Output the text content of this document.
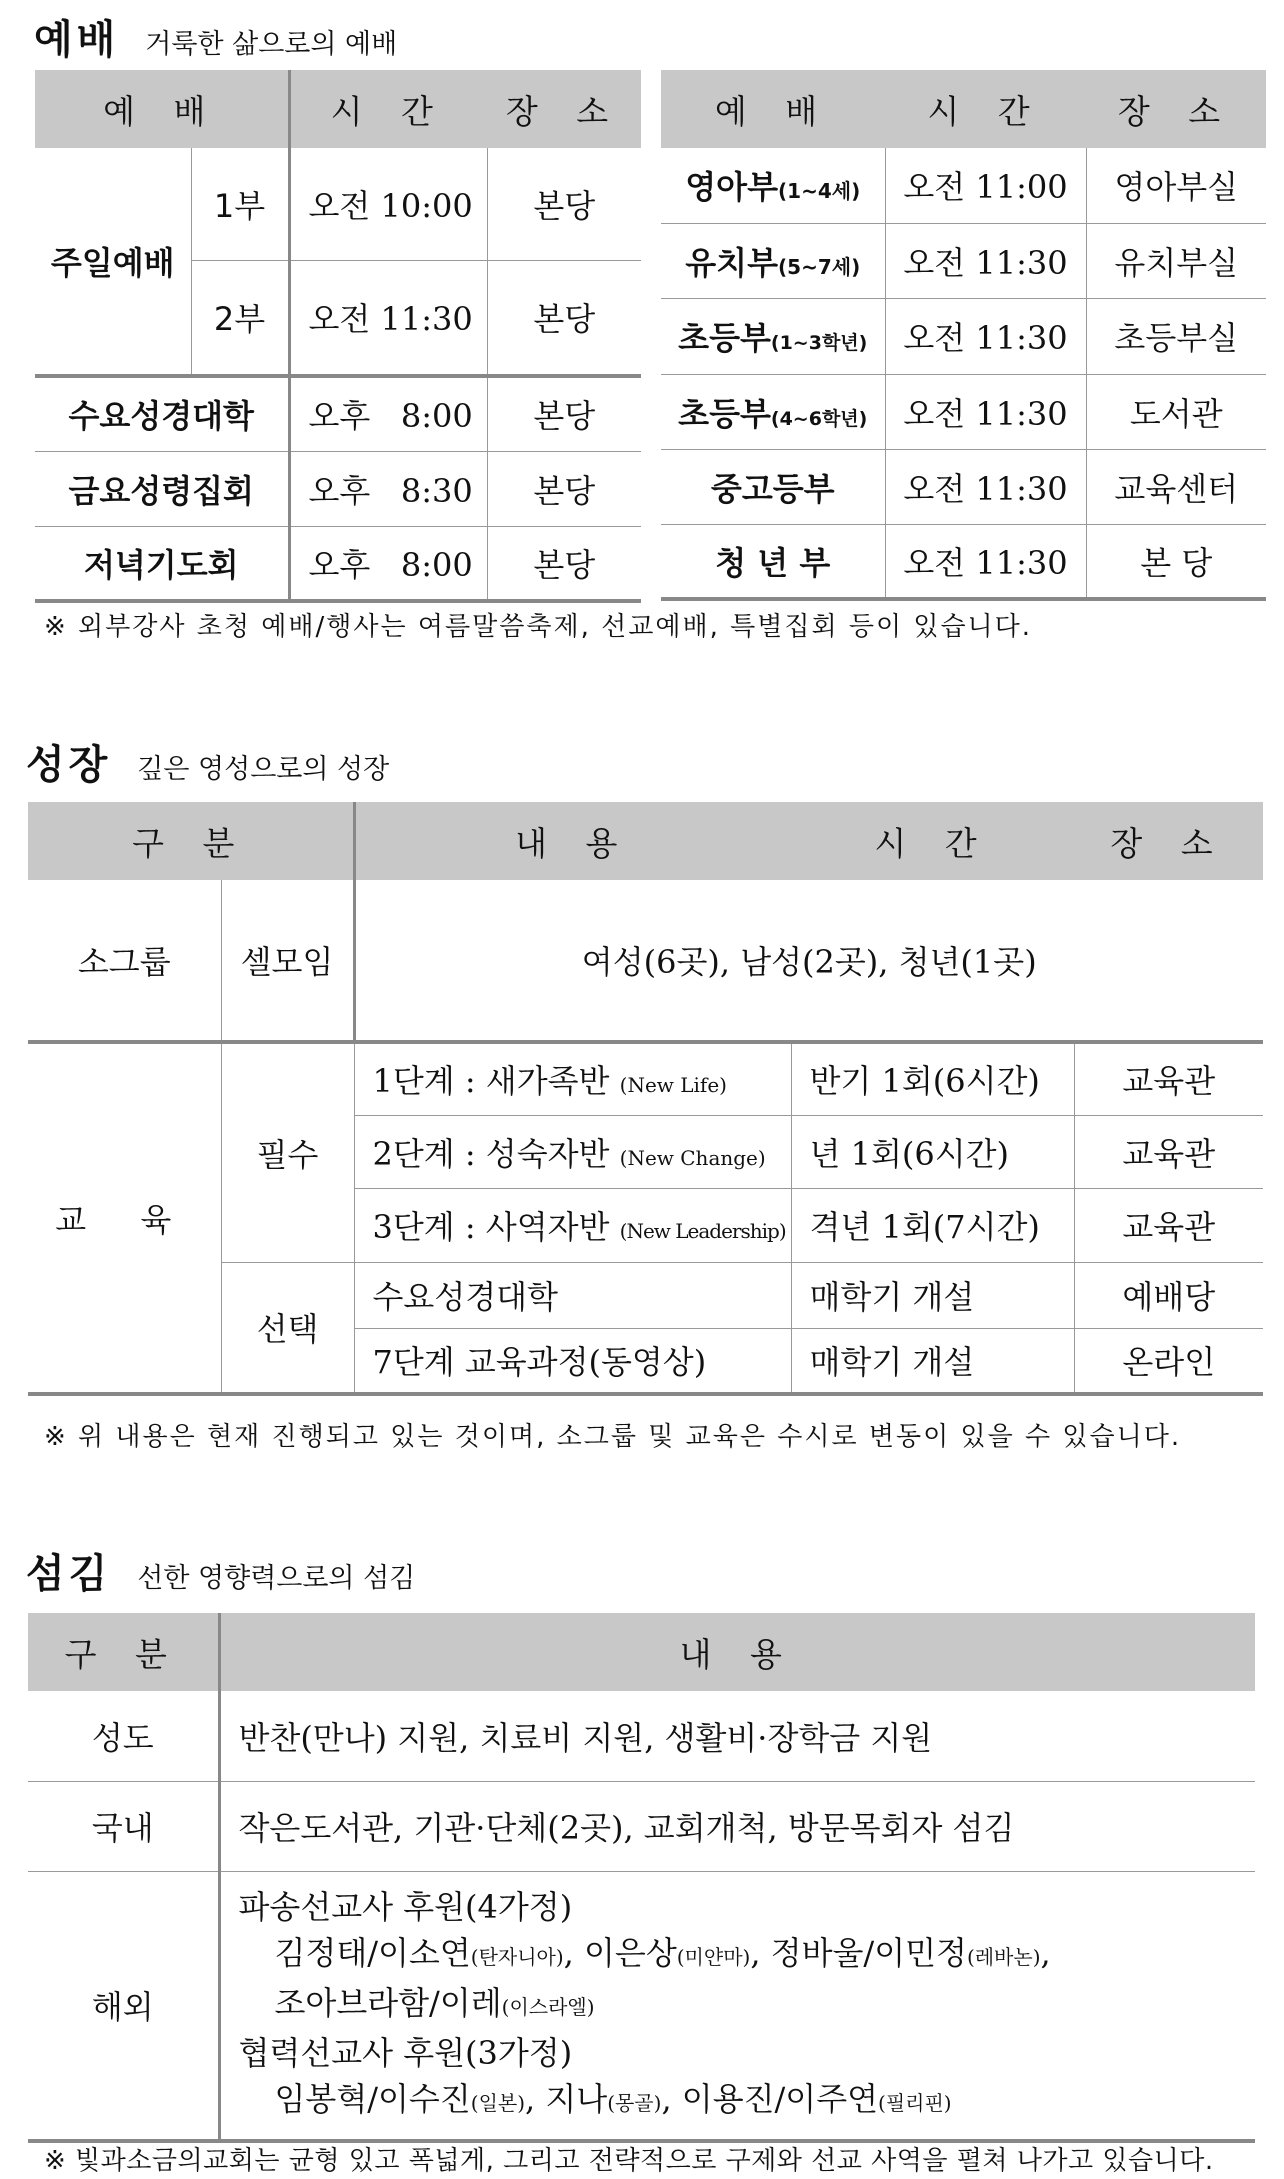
예배 거룩한 삶으로의 예배
예 배		시 간	장 소
주일예배	1부	오전 10:00	본당
	2부	오전 11:30	본당
수요성경대학		오후   8:00	본당
금요성령집회		오후   8:30	본당
저녁기도회		오후   8:00	본당
예 배	시 간	장 소
영아부(1~4세)	오전 11:00	영아부실
유치부(5~7세)	오전 11:30	유치부실
초등부(1~3학년)	오전 11:30	초등부실
초등부(4~6학년)	오전 11:30	도서관
중고등부	오전 11:30	교육센터
청 년 부	오전 11:30	본 당
※ 외부강사 초청 예배/행사는 여름말씀축제, 선교예배, 특별집회 등이 있습니다.
성장 깊은 영성으로의 성장
구 분		내 용	시 간	장 소
소그룹	셀모임	여성(6곳), 남성(2곳), 청년(1곳)		
교 육	필수	1단계 : 새가족반 (New Life)	반기 1회(6시간)	교육관
		2단계 : 성숙자반 (New Change)	년 1회(6시간)	교육관
		3단계 : 사역자반 (New Leadership)	격년 1회(7시간)	교육관
	선택	수요성경대학	매학기 개설	예배당
		7단계 교육과정(동영상)	매학기 개설	온라인
※ 위 내용은 현재 진행되고 있는 것이며, 소그룹 및 교육은 수시로 변동이 있을 수 있습니다.
섬김 선한 영향력으로의 섬김
구 분	내 용
성도	반찬(만나) 지원, 치료비 지원, 생활비·장학금 지원
국내	작은도서관, 기관·단체(2곳), 교회개척, 방문목회자 섬김
해외	파송선교사 후원(4가정)
김정태/이소연(탄자니아), 이은상(미얀마), 정바울/이민정(레바논),
조아브라함/이레(이스라엘)
협력선교사 후원(3가정)
임봉혁/이수진(일본), 지나(몽골), 이용진/이주연(필리핀)
※ 빛과소금의교회는 균형 있고 폭넓게, 그리고 전략적으로 구제와 선교 사역을 펼쳐 나가고 있습니다.
